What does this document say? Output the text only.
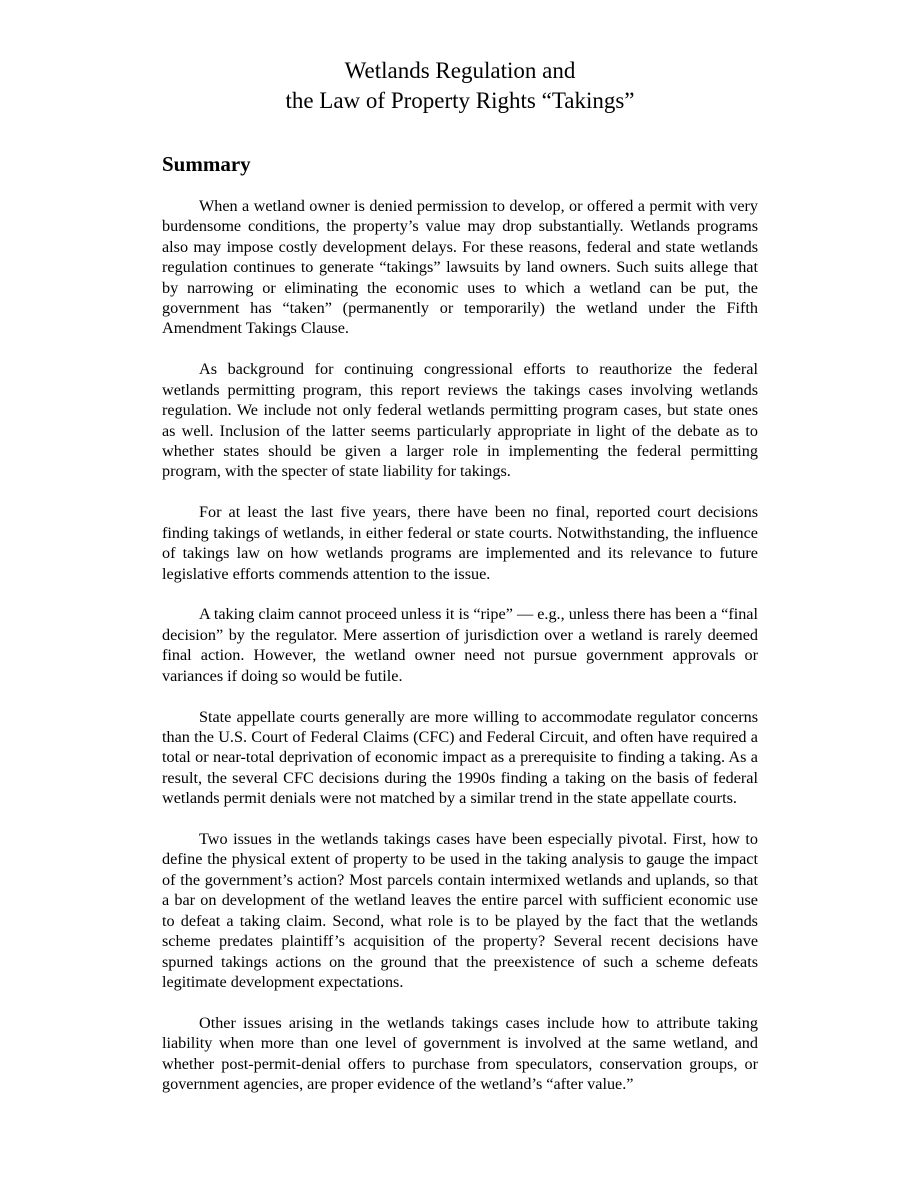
Wetlands Regulation and
the Law of Property Rights “Takings”
Summary

When a wetland owner is denied permission to develop, or offered a permit with very burdensome conditions, the property’s value may drop substantially. Wetlands programs also may impose costly development delays. For these reasons, federal and state wetlands regulation continues to generate “takings” lawsuits by land owners. Such suits allege that by narrowing or eliminating the economic uses to which a wetland can be put, the government has “taken” (permanently or temporarily) the wetland under the Fifth Amendment Takings Clause.

As background for continuing congressional efforts to reauthorize the federal wetlands permitting program, this report reviews the takings cases involving wetlands regulation. We include not only federal wetlands permitting program cases, but state ones as well. Inclusion of the latter seems particularly appropriate in light of the debate as to whether states should be given a larger role in implementing the federal permitting program, with the specter of state liability for takings.

For at least the last five years, there have been no final, reported court decisions finding takings of wetlands, in either federal or state courts. Notwithstanding, the influence of takings law on how wetlands programs are implemented and its relevance to future legislative efforts commends attention to the issue.

A taking claim cannot proceed unless it is “ripe” — e.g., unless there has been a “final decision” by the regulator. Mere assertion of jurisdiction over a wetland is rarely deemed final action. However, the wetland owner need not pursue government approvals or variances if doing so would be futile.

State appellate courts generally are more willing to accommodate regulator concerns than the U.S. Court of Federal Claims (CFC) and Federal Circuit, and often have required a total or near-total deprivation of economic impact as a prerequisite to finding a taking. As a result, the several CFC decisions during the 1990s finding a taking on the basis of federal wetlands permit denials were not matched by a similar trend in the state appellate courts.

Two issues in the wetlands takings cases have been especially pivotal. First, how to define the physical extent of property to be used in the taking analysis to gauge the impact of the government’s action? Most parcels contain intermixed wetlands and uplands, so that a bar on development of the wetland leaves the entire parcel with sufficient economic use to defeat a taking claim. Second, what role is to be played by the fact that the wetlands scheme predates plaintiff’s acquisition of the property? Several recent decisions have spurned takings actions on the ground that the preexistence of such a scheme defeats legitimate development expectations.

Other issues arising in the wetlands takings cases include how to attribute taking liability when more than one level of government is involved at the same wetland, and whether post-permit-denial offers to purchase from speculators, conservation groups, or government agencies, are proper evidence of the wetland’s “after value.”
